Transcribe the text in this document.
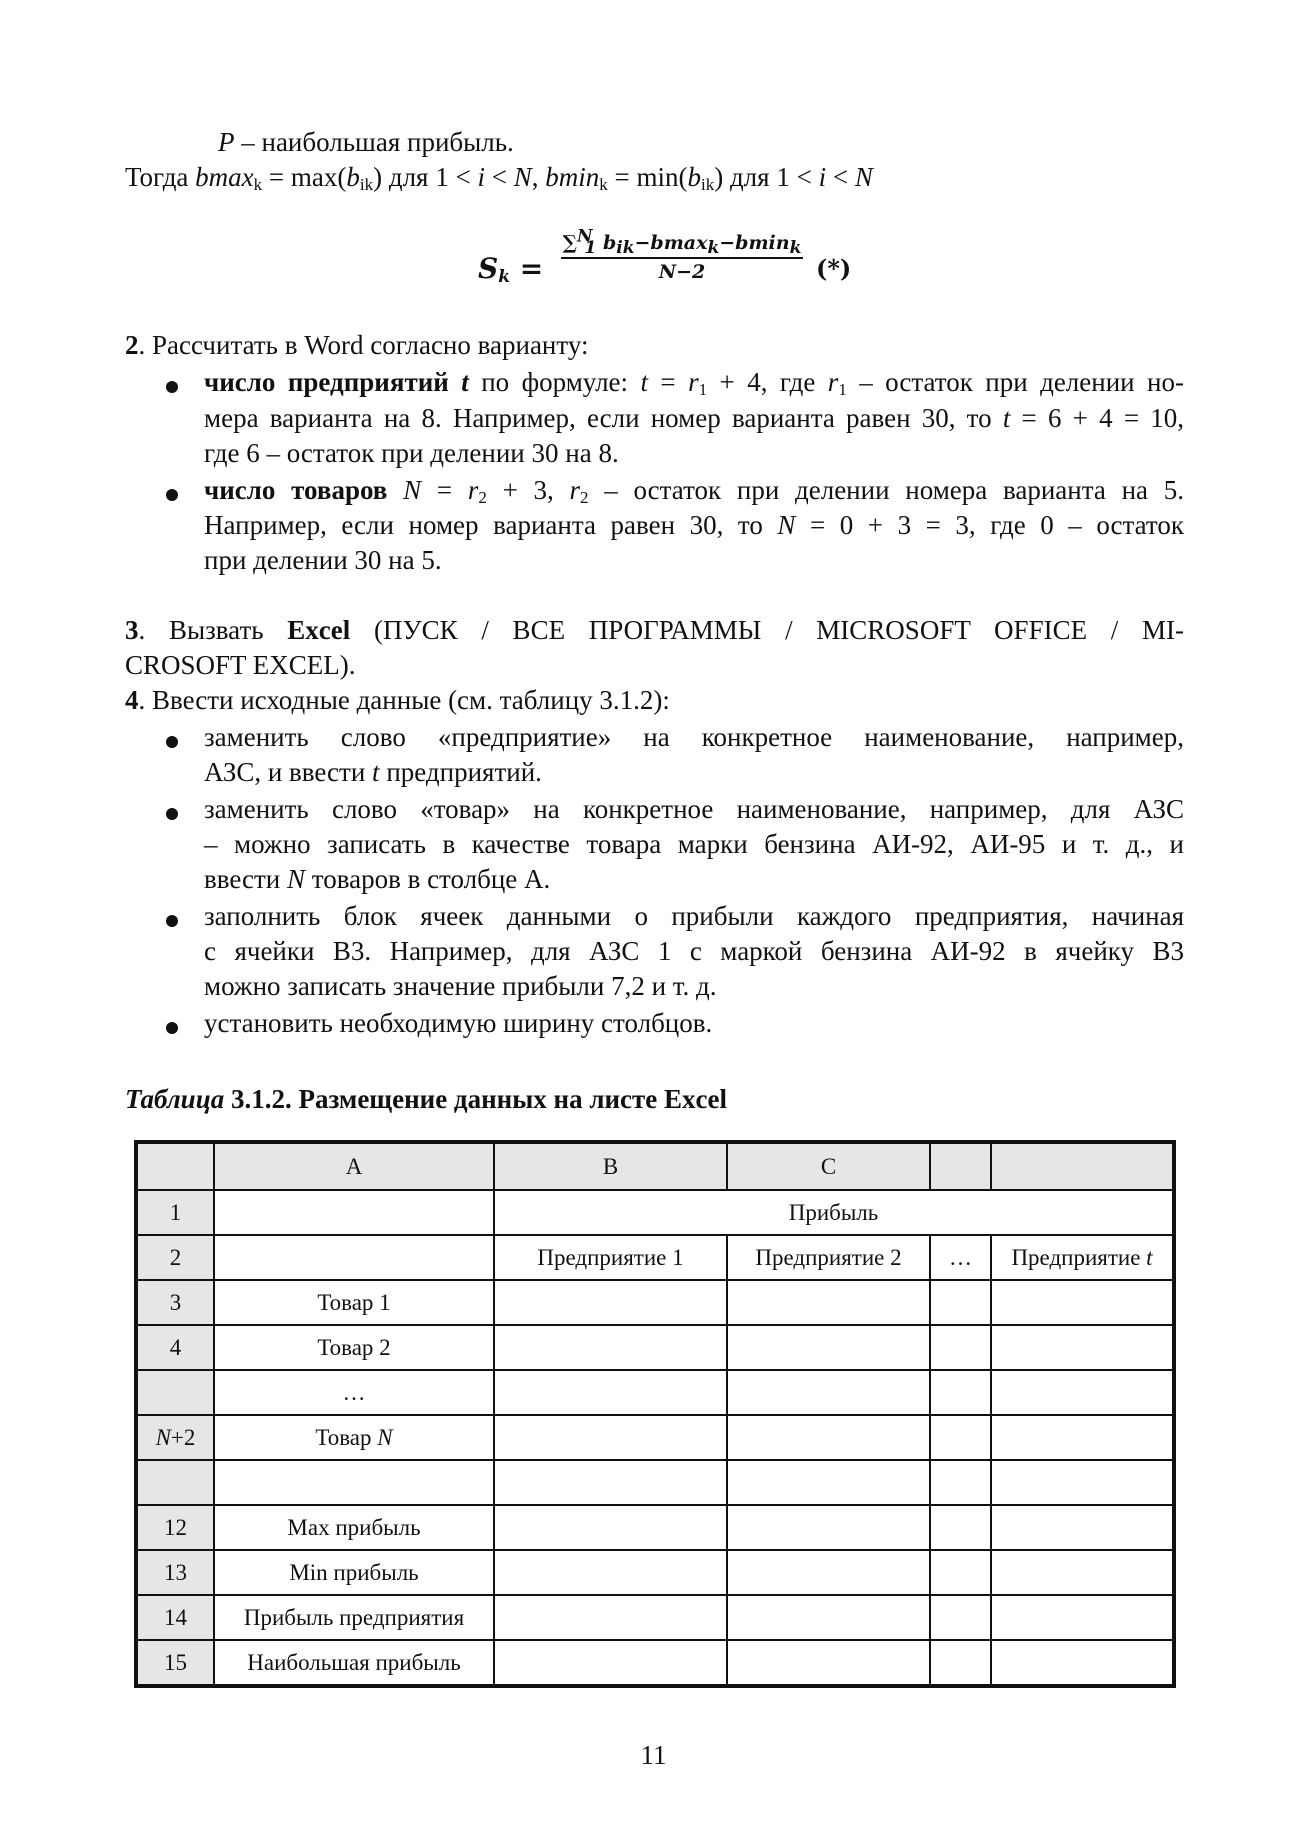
P – наибольшая прибыль.
Тогда $bmax_k = \max(b_{ik})$ для 1 < i < N, $bmin_k = \min(b_{ik})$ для 1 < i < N
$S_k$ =
∑$^N_1$ $b_{ik}-bmax_k-bmin_k$
N−2	(*)
2. Рассчитать в Word согласно варианту:
число предприятий t по формуле: $t = r_1 + 4$, где $r_1$ – остаток при делении но-
мера варианта на 8. Например, если номер варианта равен 30, то t = 6 + 4 = 10,
где 6 – остаток при делении 30 на 8.
число товаров $N = r_2 + 3$, $r_2$ – остаток при делении номера варианта на 5.
Например, если номер варианта равен 30, то N = 0 + 3 = 3, где 0 – остаток
при делении 30 на 5.
3. Вызвать Excel (ПУСК / ВСЕ ПРОГРАММЫ / MICROSOFT OFFICE / MI-
CROSOFT EXCEL).
4. Ввести исходные данные (см. таблицу 3.1.2):
заменить слово «предприятие» на конкретное наименование, например,
АЗС, и ввести t предприятий.
заменить слово «товар» на конкретное наименование, например, для АЗС
– можно записать в качестве товара марки бензина АИ-92, АИ-95 и т. д., и
ввести N товаров в столбце А.
заполнить блок ячеек данными о прибыли каждого предприятия, начиная
с ячейки В3. Например, для АЗС 1 с маркой бензина АИ-92 в ячейку В3
можно записать значение прибыли 7,2 и т. д.
установить необходимую ширину столбцов.
Таблица 3.1.2. Размещение данных на листе Excel
	A	B	C		
1		Прибыль			
2		Предприятие 1	Предприятие 2	…	Предприятие t
3	Товар 1				
4	Товар 2				
	…				
N+2	Товар N				

12	Max прибыль				
13	Min прибыль				
14	Прибыль предприятия				
15	Наибольшая прибыль				
11
